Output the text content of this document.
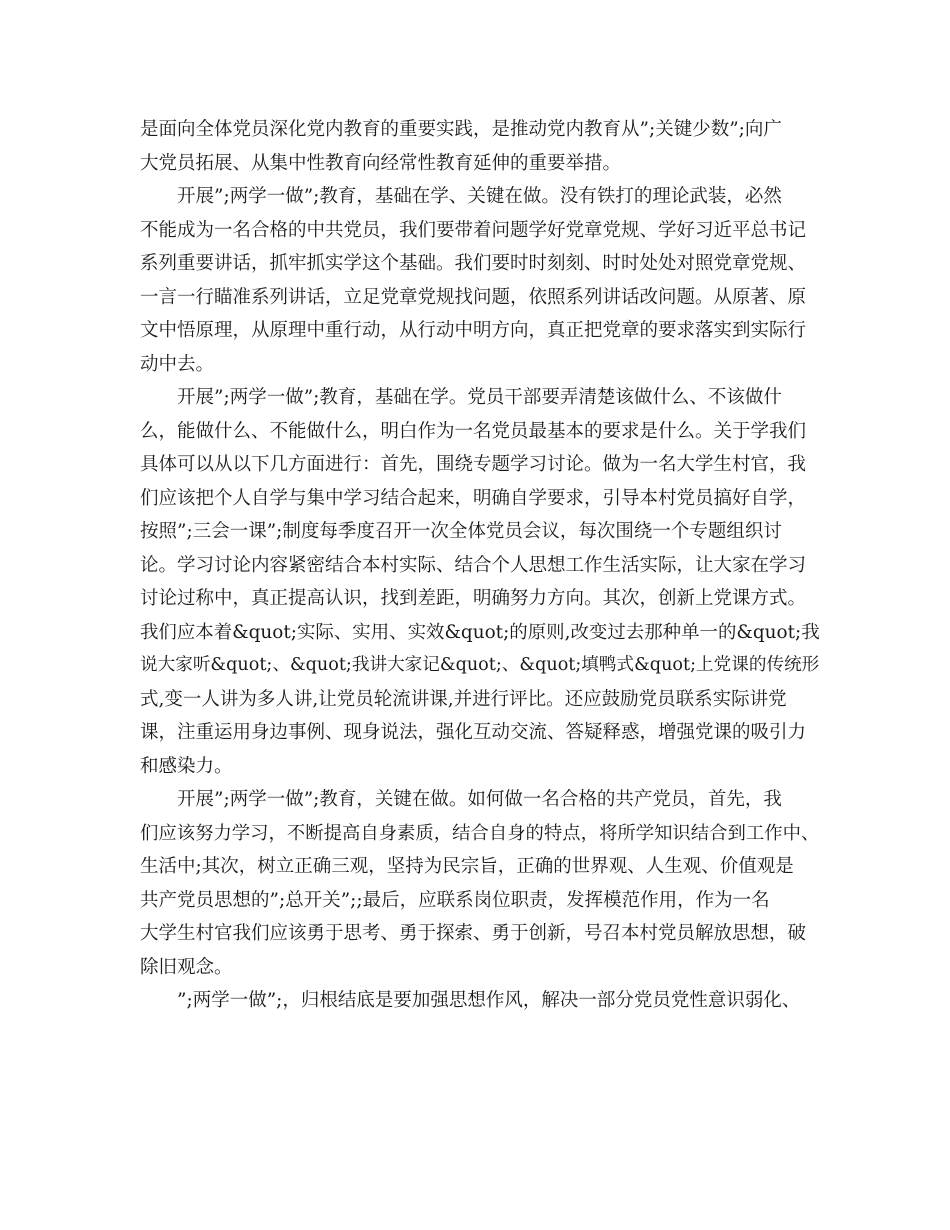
是面向全体党员深化党内教育的重要实践，是推动党内教育从”;关键少数”;向广
大党员拓展、从集中性教育向经常性教育延伸的重要举措。
开展”;两学一做”;教育，基础在学、关键在做。没有铁打的理论武装，必然
不能成为一名合格的中共党员，我们要带着问题学好党章党规、学好习近平总书记
系列重要讲话，抓牢抓实学这个基础。我们要时时刻刻、时时处处对照党章党规、
一言一行瞄准系列讲话，立足党章党规找问题，依照系列讲话改问题。从原著、原
文中悟原理，从原理中重行动，从行动中明方向，真正把党章的要求落实到实际行
动中去。
开展”;两学一做”;教育，基础在学。党员干部要弄清楚该做什么、不该做什
么，能做什么、不能做什么，明白作为一名党员最基本的要求是什么。关于学我们
具体可以从以下几方面进行：首先，围绕专题学习讨论。做为一名大学生村官，我
们应该把个人自学与集中学习结合起来，明确自学要求，引导本村党员搞好自学，
按照”;三会一课”;制度每季度召开一次全体党员会议，每次围绕一个专题组织讨
论。学习讨论内容紧密结合本村实际、结合个人思想工作生活实际，让大家在学习
讨论过称中，真正提高认识，找到差距，明确努力方向。其次，创新上党课方式。
我们应本着&quot;实际、实用、实效&quot;的原则,改变过去那种单一的&quot;我
说大家听&quot;、&quot;我讲大家记&quot;、&quot;填鸭式&quot;上党课的传统形
式,变一人讲为多人讲,让党员轮流讲课,并进行评比。还应鼓励党员联系实际讲党
课，注重运用身边事例、现身说法，强化互动交流、答疑释惑，增强党课的吸引力
和感染力。
开展”;两学一做”;教育，关键在做。如何做一名合格的共产党员，首先，我
们应该努力学习，不断提高自身素质，结合自身的特点，将所学知识结合到工作中、
生活中;其次，树立正确三观，坚持为民宗旨，正确的世界观、人生观、价值观是
共产党员思想的”;总开关”;;最后，应联系岗位职责，发挥模范作用，作为一名
大学生村官我们应该勇于思考、勇于探索、勇于创新，号召本村党员解放思想，破
除旧观念。
”;两学一做”;，归根结底是要加强思想作风，解决一部分党员党性意识弱化、
